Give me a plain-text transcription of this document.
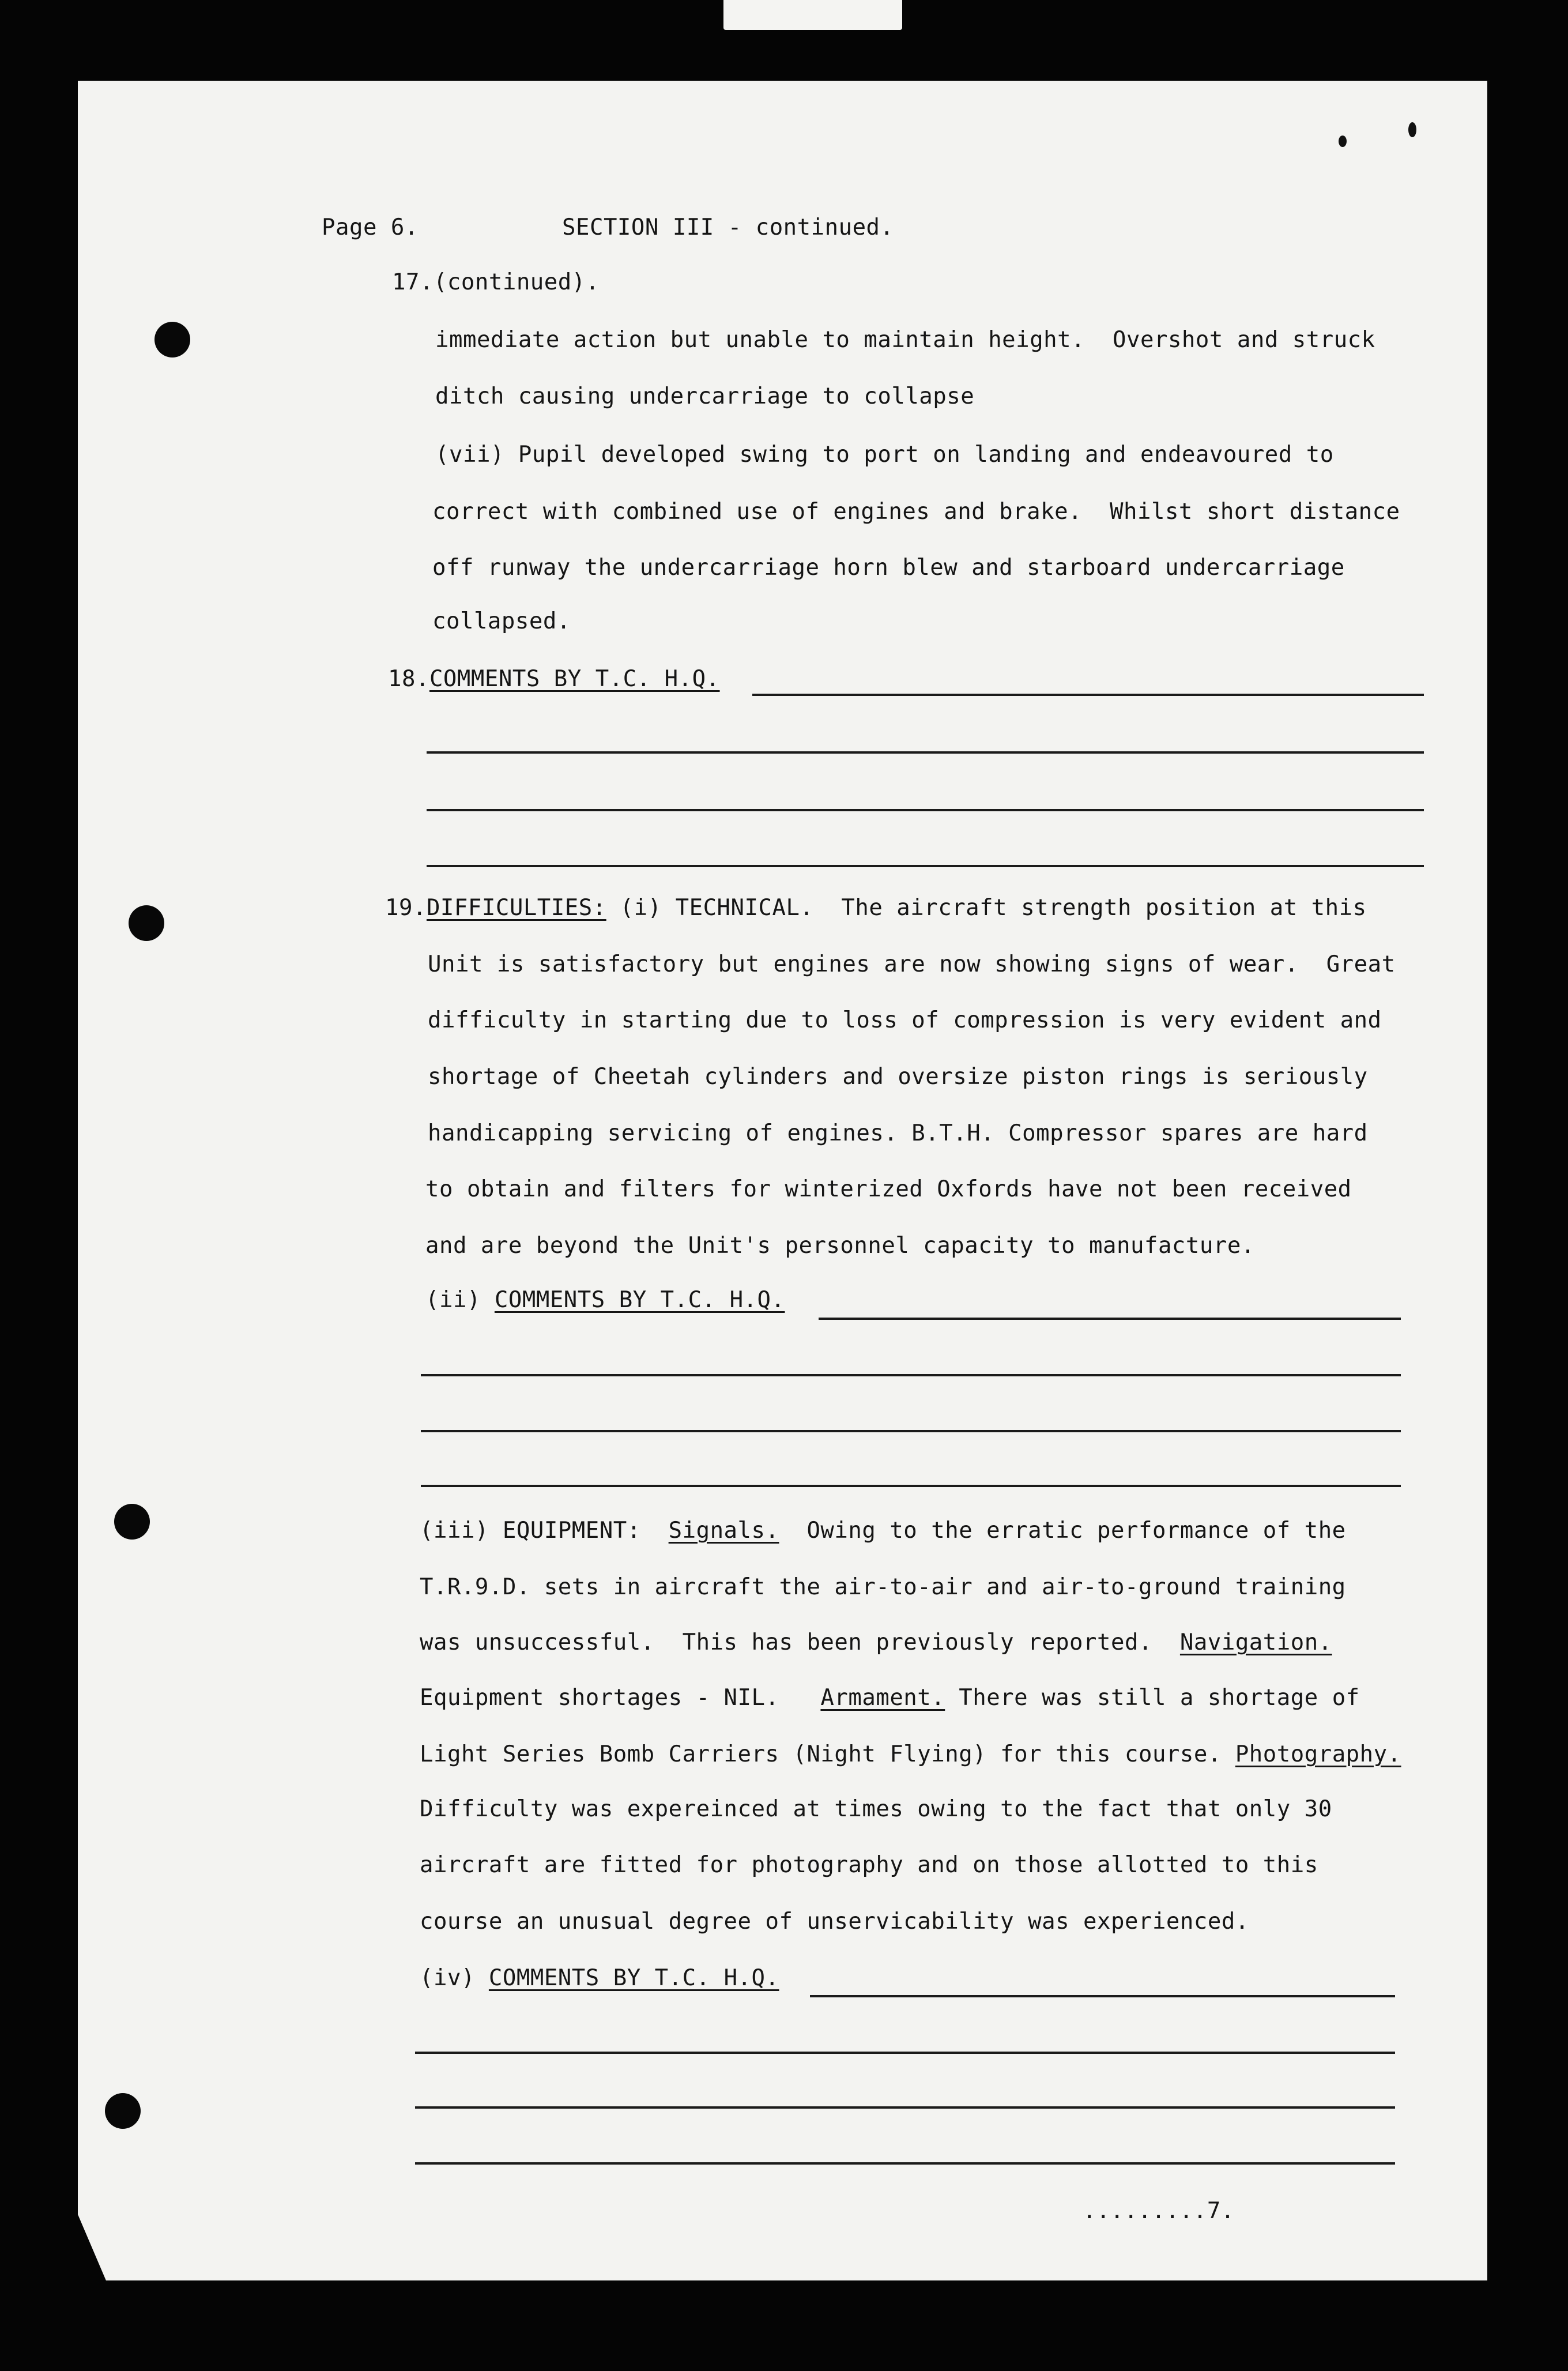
Page 6.	SECTION III - continued.
17.(continued).
immediate action but unable to maintain height.  Overshot and struck
ditch causing undercarriage to collapse
(vii) Pupil developed swing to port on landing and endeavoured to
correct with combined use of engines and brake.  Whilst short distance
off runway the undercarriage horn blew and starboard undercarriage
collapsed.
18.COMMENTS BY T.C. H.Q.
19.DIFFICULTIES: (i) TECHNICAL.  The aircraft strength position at this
Unit is satisfactory but engines are now showing signs of wear.  Great
difficulty in starting due to loss of compression is very evident and
shortage of Cheetah cylinders and oversize piston rings is seriously
handicapping servicing of engines. B.T.H. Compressor spares are hard
to obtain and filters for winterized Oxfords have not been received
and are beyond the Unit's personnel capacity to manufacture.
(ii) COMMENTS BY T.C. H.Q.
(iii) EQUIPMENT:  Signals.  Owing to the erratic performance of the
T.R.9.D. sets in aircraft the air-to-air and air-to-ground training
was unsuccessful.  This has been previously reported.  Navigation.
Equipment shortages - NIL.   Armament. There was still a shortage of
Light Series Bomb Carriers (Night Flying) for this course. Photography.
Difficulty was expereinced at times owing to the fact that only 30
aircraft are fitted for photography and on those allotted to this
course an unusual degree of unservicability was experienced.
(iv) COMMENTS BY T.C. H.Q.
.........7.
